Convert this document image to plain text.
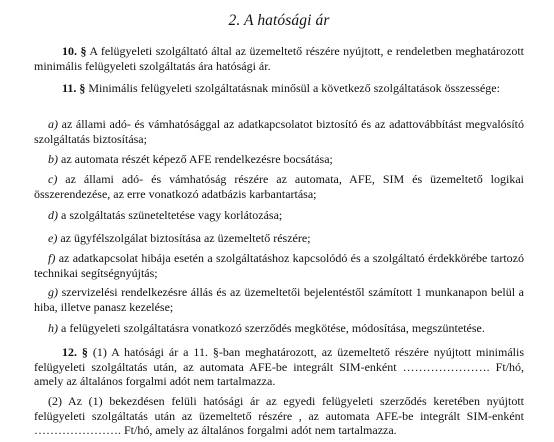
2. A hatósági ár
10. § A felügyeleti szolgáltató által az üzemeltető részére nyújtott, e rendeletben meghatározott minimális felügyeleti szolgáltatás ára hatósági ár.
11. § Minimális felügyeleti szolgáltatásnak minősül a következő szolgáltatások összessége:
a) az állami adó- és vámhatósággal az adatkapcsolatot biztosító és az adattovábbítást megvalósító szolgáltatás biztosítása;
b) az automata részét képező AFE rendelkezésre bocsátása;
c) az állami adó- és vámhatóság részére az automata, AFE, SIM és üzemeltető logikai összerendezése, az erre vonatkozó adatbázis karbantartása;
d) a szolgáltatás szüneteltetése vagy korlátozása;
e) az ügyfélszolgálat biztosítása az üzemeltető részére;
f) az adatkapcsolat hibája esetén a szolgáltatáshoz kapcsolódó és a szolgáltató érdekkörébe tartozó technikai segítségnyújtás;
g) szervizelési rendelkezésre állás és az üzemeltetői bejelentéstől számított 1 munkanapon belül a hiba, illetve panasz kezelése;
h) a felügyeleti szolgáltatásra vonatkozó szerződés megkötése, módosítása, megszüntetése.
12. § (1) A hatósági ár a 11. §-ban meghatározott, az üzemeltető részére nyújtott minimális felügyeleti szolgáltatás után, az automata AFE-be integrált SIM-enként …………………. Ft/hó, amely az általános forgalmi adót nem tartalmazza.
(2) Az (1) bekezdésen felüli hatósági ár az egyedi felügyeleti szerződés keretében nyújtott felügyeleti szolgáltatás után az üzemeltető részére , az automata AFE-be integrált SIM-enként …………………. Ft/hó, amely az általános forgalmi adót nem tartalmazza.
